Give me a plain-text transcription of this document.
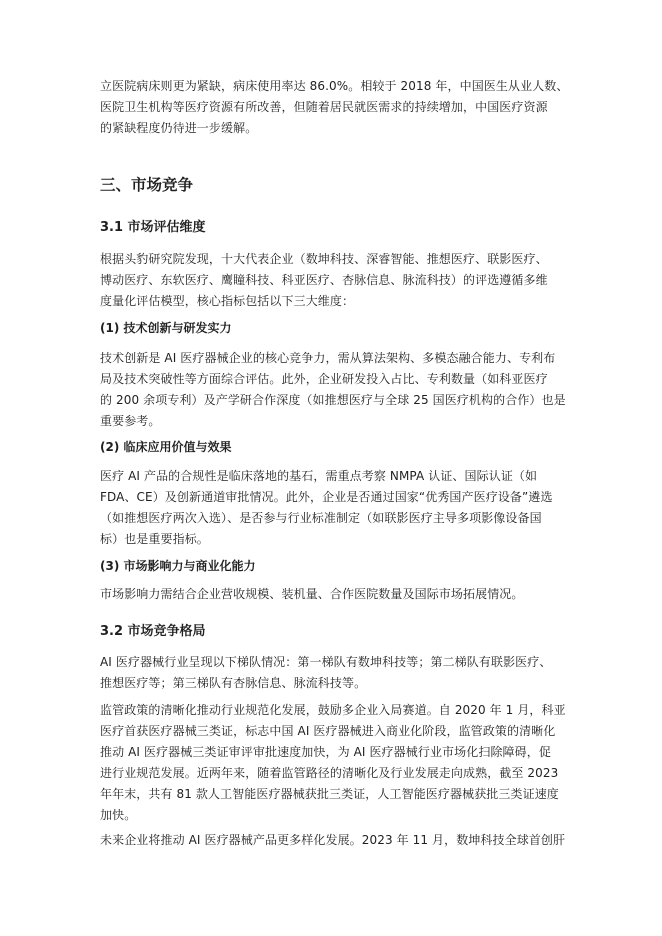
立医院病床则更为紧缺，病床使用率达 86.0%。相较于 2018 年，中国医生从业人数、
医院卫生机构等医疗资源有所改善，但随着居民就医需求的持续增加，中国医疗资源
的紧缺程度仍待进一步缓解。

三、市场竞争
3.1 市场评估维度

根据头豹研究院发现，十大代表企业（数坤科技、深睿智能、推想医疗、联影医疗、
博动医疗、东软医疗、鹰瞳科技、科亚医疗、杏脉信息、脉流科技）的评选遵循多维
度量化评估模型，核心指标包括以下三大维度：

(1) 技术创新与研发实力

技术创新是 AI 医疗器械企业的核心竞争力，需从算法架构、多模态融合能力、专利布
局及技术突破性等方面综合评估。此外，企业研发投入占比、专利数量（如科亚医疗
的 200 余项专利）及产学研合作深度（如推想医疗与全球 25 国医疗机构的合作）也是
重要参考。

(2) 临床应用价值与效果

医疗 AI 产品的合规性是临床落地的基石，需重点考察 NMPA 认证、国际认证（如
FDA、CE）及创新通道审批情况。此外，企业是否通过国家“优秀国产医疗设备”遴选
（如推想医疗两次入选）、是否参与行业标准制定（如联影医疗主导多项影像设备国
标）也是重要指标。

(3) 市场影响力与商业化能力

市场影响力需结合企业营收规模、装机量、合作医院数量及国际市场拓展情况。

3.2 市场竞争格局

AI 医疗器械行业呈现以下梯队情况：第一梯队有数坤科技等；第二梯队有联影医疗、
推想医疗等；第三梯队有杏脉信息、脉流科技等。

监管政策的清晰化推动行业规范化发展，鼓励多企业入局赛道。自 2020 年 1 月，科亚
医疗首获医疗器械三类证，标志中国 AI 医疗器械进入商业化阶段，监管政策的清晰化
推动 AI 医疗器械三类证审评审批速度加快，为 AI 医疗器械行业市场化扫除障碍，促
进行业规范发展。近两年来，随着监管路径的清晰化及行业发展走向成熟，截至 2023
年年末，共有 81 款人工智能医疗器械获批三类证，人工智能医疗器械获批三类证速度
加快。

未来企业将推动 AI 医疗器械产品更多样化发展。2023 年 11 月，数坤科技全球首创肝
